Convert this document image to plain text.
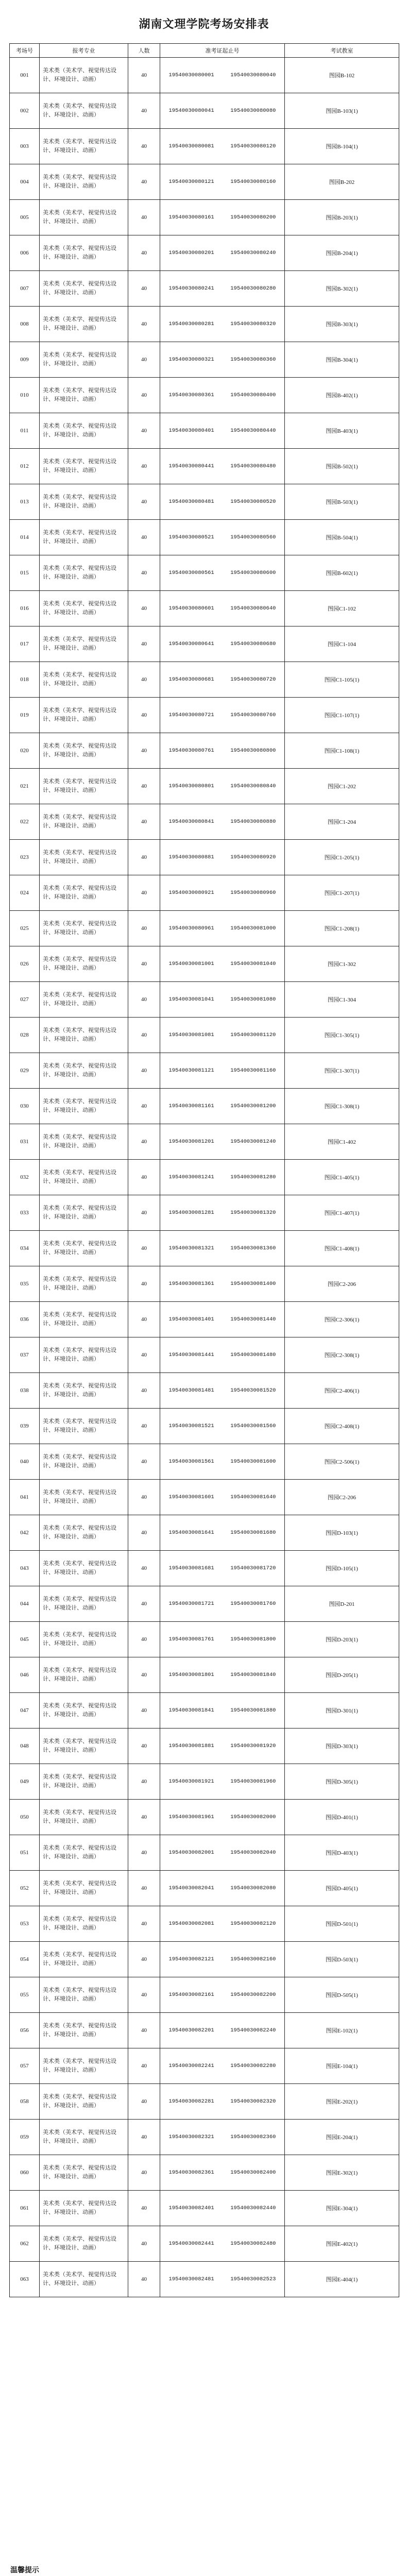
湖南文理学院考场安排表
考场号	报考专业	人数	准考证起止号	考试教室
001	美术类（美术学、视觉传达设计、环境设计、动画）	40	19540030080001 19540030080040	图园B-102
002	美术类（美术学、视觉传达设计、环境设计、动画）	40	19540030080041 19540030080080	图园B-103(1)
003	美术类（美术学、视觉传达设计、环境设计、动画）	40	19540030080081 19540030080120	图园B-104(1)
004	美术类（美术学、视觉传达设计、环境设计、动画）	40	19540030080121 19540030080160	图园B-202
005	美术类（美术学、视觉传达设计、环境设计、动画）	40	19540030080161 19540030080200	图园B-203(1)
006	美术类（美术学、视觉传达设计、环境设计、动画）	40	19540030080201 19540030080240	图园B-204(1)
007	美术类（美术学、视觉传达设计、环境设计、动画）	40	19540030080241 19540030080280	图园B-302(1)
008	美术类（美术学、视觉传达设计、环境设计、动画）	40	19540030080281 19540030080320	图园B-303(1)
009	美术类（美术学、视觉传达设计、环境设计、动画）	40	19540030080321 19540030080360	图园B-304(1)
010	美术类（美术学、视觉传达设计、环境设计、动画）	40	19540030080361 19540030080400	图园B-402(1)
011	美术类（美术学、视觉传达设计、环境设计、动画）	40	19540030080401 19540030080440	图园B-403(1)
012	美术类（美术学、视觉传达设计、环境设计、动画）	40	19540030080441 19540030080480	图园B-502(1)
013	美术类（美术学、视觉传达设计、环境设计、动画）	40	19540030080481 19540030080520	图园B-503(1)
014	美术类（美术学、视觉传达设计、环境设计、动画）	40	19540030080521 19540030080560	图园B-504(1)
015	美术类（美术学、视觉传达设计、环境设计、动画）	40	19540030080561 19540030080600	图园B-602(1)
016	美术类（美术学、视觉传达设计、环境设计、动画）	40	19540030080601 19540030080640	图园C1-102
017	美术类（美术学、视觉传达设计、环境设计、动画）	40	19540030080641 19540030080680	图园C1-104
018	美术类（美术学、视觉传达设计、环境设计、动画）	40	19540030080681 19540030080720	图园C1-105(1)
019	美术类（美术学、视觉传达设计、环境设计、动画）	40	19540030080721 19540030080760	图园C1-107(1)
020	美术类（美术学、视觉传达设计、环境设计、动画）	40	19540030080761 19540030080800	图园C1-108(1)
021	美术类（美术学、视觉传达设计、环境设计、动画）	40	19540030080801 19540030080840	图园C1-202
022	美术类（美术学、视觉传达设计、环境设计、动画）	40	19540030080841 19540030080880	图园C1-204
023	美术类（美术学、视觉传达设计、环境设计、动画）	40	19540030080881 19540030080920	图园C1-205(1)
024	美术类（美术学、视觉传达设计、环境设计、动画）	40	19540030080921 19540030080960	图园C1-207(1)
025	美术类（美术学、视觉传达设计、环境设计、动画）	40	19540030080961 19540030081000	图园C1-208(1)
026	美术类（美术学、视觉传达设计、环境设计、动画）	40	19540030081001 19540030081040	图园C1-302
027	美术类（美术学、视觉传达设计、环境设计、动画）	40	19540030081041 19540030081080	图园C1-304
028	美术类（美术学、视觉传达设计、环境设计、动画）	40	19540030081081 19540030081120	图园C1-305(1)
029	美术类（美术学、视觉传达设计、环境设计、动画）	40	19540030081121 19540030081160	图园C1-307(1)
030	美术类（美术学、视觉传达设计、环境设计、动画）	40	19540030081161 19540030081200	图园C1-308(1)
031	美术类（美术学、视觉传达设计、环境设计、动画）	40	19540030081201 19540030081240	图园C1-402
032	美术类（美术学、视觉传达设计、环境设计、动画）	40	19540030081241 19540030081280	图园C1-405(1)
033	美术类（美术学、视觉传达设计、环境设计、动画）	40	19540030081281 19540030081320	图园C1-407(1)
034	美术类（美术学、视觉传达设计、环境设计、动画）	40	19540030081321 19540030081360	图园C1-408(1)
035	美术类（美术学、视觉传达设计、环境设计、动画）	40	19540030081361 19540030081400	图园C2-206
036	美术类（美术学、视觉传达设计、环境设计、动画）	40	19540030081401 19540030081440	图园C2-306(1)
037	美术类（美术学、视觉传达设计、环境设计、动画）	40	19540030081441 19540030081480	图园C2-308(1)
038	美术类（美术学、视觉传达设计、环境设计、动画）	40	19540030081481 19540030081520	图园C2-406(1)
039	美术类（美术学、视觉传达设计、环境设计、动画）	40	19540030081521 19540030081560	图园C2-408(1)
040	美术类（美术学、视觉传达设计、环境设计、动画）	40	19540030081561 19540030081600	图园C2-506(1)
041	美术类（美术学、视觉传达设计、环境设计、动画）	40	19540030081601 19540030081640	图园C2-206
042	美术类（美术学、视觉传达设计、环境设计、动画）	40	19540030081641 19540030081680	图园D-103(1)
043	美术类（美术学、视觉传达设计、环境设计、动画）	40	19540030081681 19540030081720	图园D-105(1)
044	美术类（美术学、视觉传达设计、环境设计、动画）	40	19540030081721 19540030081760	图园D-201
045	美术类（美术学、视觉传达设计、环境设计、动画）	40	19540030081761 19540030081800	图园D-203(1)
046	美术类（美术学、视觉传达设计、环境设计、动画）	40	19540030081801 19540030081840	图园D-205(1)
047	美术类（美术学、视觉传达设计、环境设计、动画）	40	19540030081841 19540030081880	图园D-301(1)
048	美术类（美术学、视觉传达设计、环境设计、动画）	40	19540030081881 19540030081920	图园D-303(1)
049	美术类（美术学、视觉传达设计、环境设计、动画）	40	19540030081921 19540030081960	图园D-305(1)
050	美术类（美术学、视觉传达设计、环境设计、动画）	40	19540030081961 19540030082000	图园D-401(1)
051	美术类（美术学、视觉传达设计、环境设计、动画）	40	19540030082001 19540030082040	图园D-403(1)
052	美术类（美术学、视觉传达设计、环境设计、动画）	40	19540030082041 19540030082080	图园D-405(1)
053	美术类（美术学、视觉传达设计、环境设计、动画）	40	19540030082081 19540030082120	图园D-501(1)
054	美术类（美术学、视觉传达设计、环境设计、动画）	40	19540030082121 19540030082160	图园D-503(1)
055	美术类（美术学、视觉传达设计、环境设计、动画）	40	19540030082161 19540030082200	图园D-505(1)
056	美术类（美术学、视觉传达设计、环境设计、动画）	40	19540030082201 19540030082240	图园E-102(1)
057	美术类（美术学、视觉传达设计、环境设计、动画）	40	19540030082241 19540030082280	图园E-104(1)
058	美术类（美术学、视觉传达设计、环境设计、动画）	40	19540030082281 19540030082320	图园E-202(1)
059	美术类（美术学、视觉传达设计、环境设计、动画）	40	19540030082321 19540030082360	图园E-204(1)
060	美术类（美术学、视觉传达设计、环境设计、动画）	40	19540030082361 19540030082400	图园E-302(1)
061	美术类（美术学、视觉传达设计、环境设计、动画）	40	19540030082401 19540030082440	图园E-304(1)
062	美术类（美术学、视觉传达设计、环境设计、动画）	40	19540030082441 19540030082480	图园E-402(1)
063	美术类（美术学、视觉传达设计、环境设计、动画）	40	19540030082481 19540030082523	图园E-404(1)
温馨提示
